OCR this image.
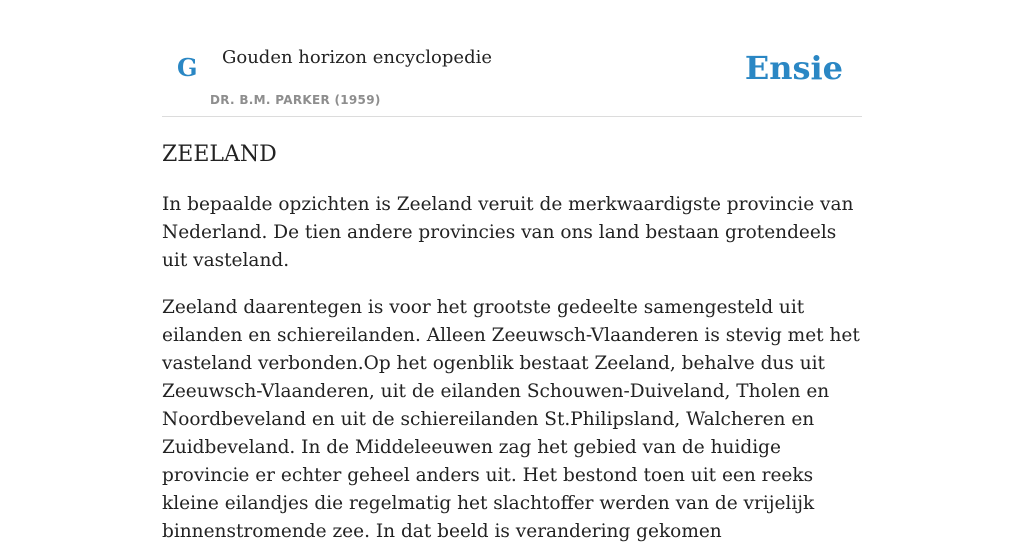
G Gouden horizon encyclopedie
DR. B.M. PARKER (1959)
Ensie
ZEELAND

In bepaalde opzichten is Zeeland veruit de merkwaardigste provincie van Nederland. De tien andere provincies van ons land bestaan grotendeels uit vasteland.

Zeeland daarentegen is voor het grootste gedeelte samengesteld uit eilanden en schiereilanden. Alleen Zeeuwsch-Vlaanderen is stevig met het vasteland verbonden.Op het ogenblik bestaat Zeeland, behalve dus uit Zeeuwsch-Vlaanderen, uit de eilanden Schouwen-Duiveland, Tholen en Noordbeveland en uit de schiereilanden St.Philipsland, Walcheren en Zuidbeveland. In de Middeleeuwen zag het gebied van de huidige provincie er echter geheel anders uit. Het bestond toen uit een reeks kleine eilandjes die regelmatig het slachtoffer werden van de vrijelijk binnenstromende zee. In dat beeld is verandering gekomen
